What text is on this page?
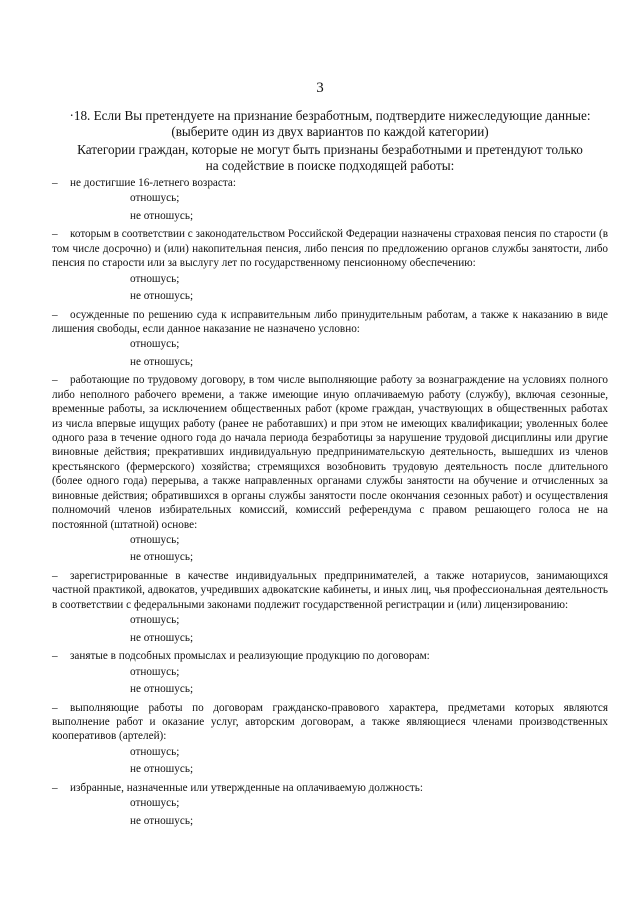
3
·18. Если Вы претендуете на признание безработным, подтвердите нижеследующие данные:
(выберите один из двух вариантов по каждой категории)
Категории граждан, которые не могут быть признаны безработными и претендуют только на содействие в поиске подходящей работы:
– не достигшие 16-летнего возраста:
отношусь;
не отношусь;
– которым в соответствии с законодательством Российской Федерации назначены страховая пенсия по старости (в том числе досрочно) и (или) накопительная пенсия, либо пенсия по предложению органов службы занятости, либо пенсия по старости или за выслугу лет по государственному пенсионному обеспечению:
отношусь;
не отношусь;
– осужденные по решению суда к исправительным либо принудительным работам, а также к наказанию в виде лишения свободы, если данное наказание не назначено условно:
отношусь;
не отношусь;
– работающие по трудовому договору, в том числе выполняющие работу за вознаграждение на условиях полного либо неполного рабочего времени, а также имеющие иную оплачиваемую работу (службу), включая сезонные, временные работы, за исключением общественных работ (кроме граждан, участвующих в общественных работах из числа впервые ищущих работу (ранее не работавших) и при этом не имеющих квалификации; уволенных более одного раза в течение одного года до начала периода безработицы за нарушение трудовой дисциплины или другие виновные действия; прекративших индивидуальную предпринимательскую деятельность, вышедших из членов крестьянского (фермерского) хозяйства; стремящихся возобновить трудовую деятельность после длительного (более одного года) перерыва, а также направленных органами службы занятости на обучение и отчисленных за виновные действия; обратившихся в органы службы занятости после окончания сезонных работ) и осуществления полномочий членов избирательных комиссий, комиссий референдума с правом решающего голоса не на постоянной (штатной) основе:
отношусь;
не отношусь;
– зарегистрированные в качестве индивидуальных предпринимателей, а также нотариусов, занимающихся частной практикой, адвокатов, учредивших адвокатские кабинеты, и иных лиц, чья профессиональная деятельность в соответствии с федеральными законами подлежит государственной регистрации и (или) лицензированию:
отношусь;
не отношусь;
– занятые в подсобных промыслах и реализующие продукцию по договорам:
отношусь;
не отношусь;
– выполняющие работы по договорам гражданско-правового характера, предметами которых являются выполнение работ и оказание услуг, авторским договорам, а также являющиеся членами производственных кооперативов (артелей):
отношусь;
не отношусь;
– избранные, назначенные или утвержденные на оплачиваемую должность:
отношусь;
не отношусь;
